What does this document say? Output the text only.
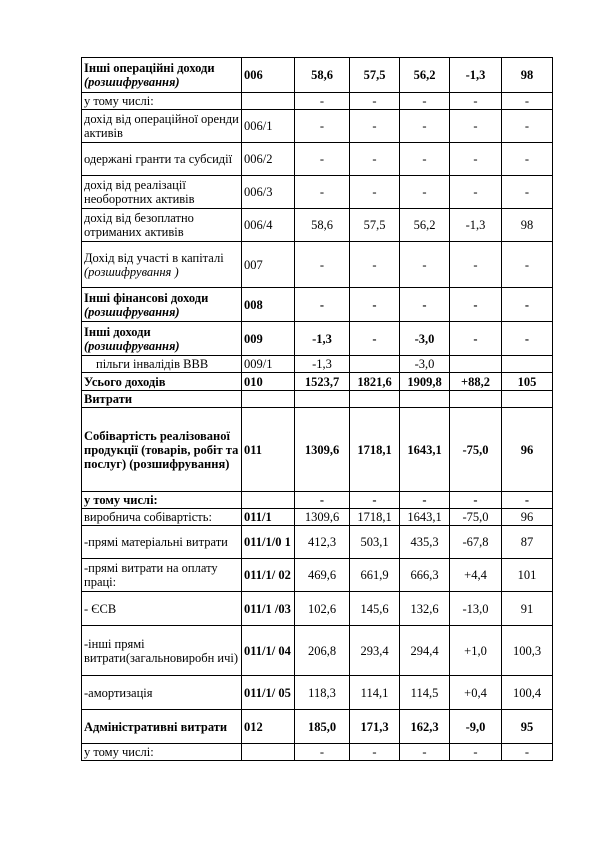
Інші операційні доходи (розшифрування)	006	58,6	57,5	56,2	-1,3	98
у тому числі:		-	-	-	-	-
дохід від операційної оренди активів	006/1	-	-	-	-	-
одержані гранти та субсидії	006/2	-	-	-	-	-
дохід від реалізації необоротних активів	006/3	-	-	-	-	-
дохід від безоплатно отриманих активів	006/4	58,6	57,5	56,2	-1,3	98
Дохід від участі в капіталі (розшифрування )	007	-	-	-	-	-
Інші фінансові доходи (розшифрування)	008	-	-	-	-	-
Інші доходи (розшифрування)	009	-1,3	-	-3,0	-	-
пільги інвалідів ВВВ	009/1	-1,3		-3,0		
Усього доходів	010	1523,7	1821,6	1909,8	+88,2	105
Витрати						
Собівартість реалізованої продукції (товарів, робіт та послуг) (розшифрування)	011	1309,6	1718,1	1643,1	-75,0	96
у тому числі:		-	-	-	-	-
виробнича собівартість:	011/1	1309,6	1718,1	1643,1	-75,0	96
-прямі матеріальні витрати	011/1/0 1	412,3	503,1	435,3	-67,8	87
-прямі витрати на оплату праці:	011/1/ 02	469,6	661,9	666,3	+4,4	101
- ЄСВ	011/1 /03	102,6	145,6	132,6	-13,0	91
-інші прямі витрати(загальновиробн ичі)	011/1/ 04	206,8	293,4	294,4	+1,0	100,3
-амортизація	011/1/ 05	118,3	114,1	114,5	+0,4	100,4
Адміністративні витрати	012	185,0	171,3	162,3	-9,0	95
у тому числі:		-	-	-	-	-
